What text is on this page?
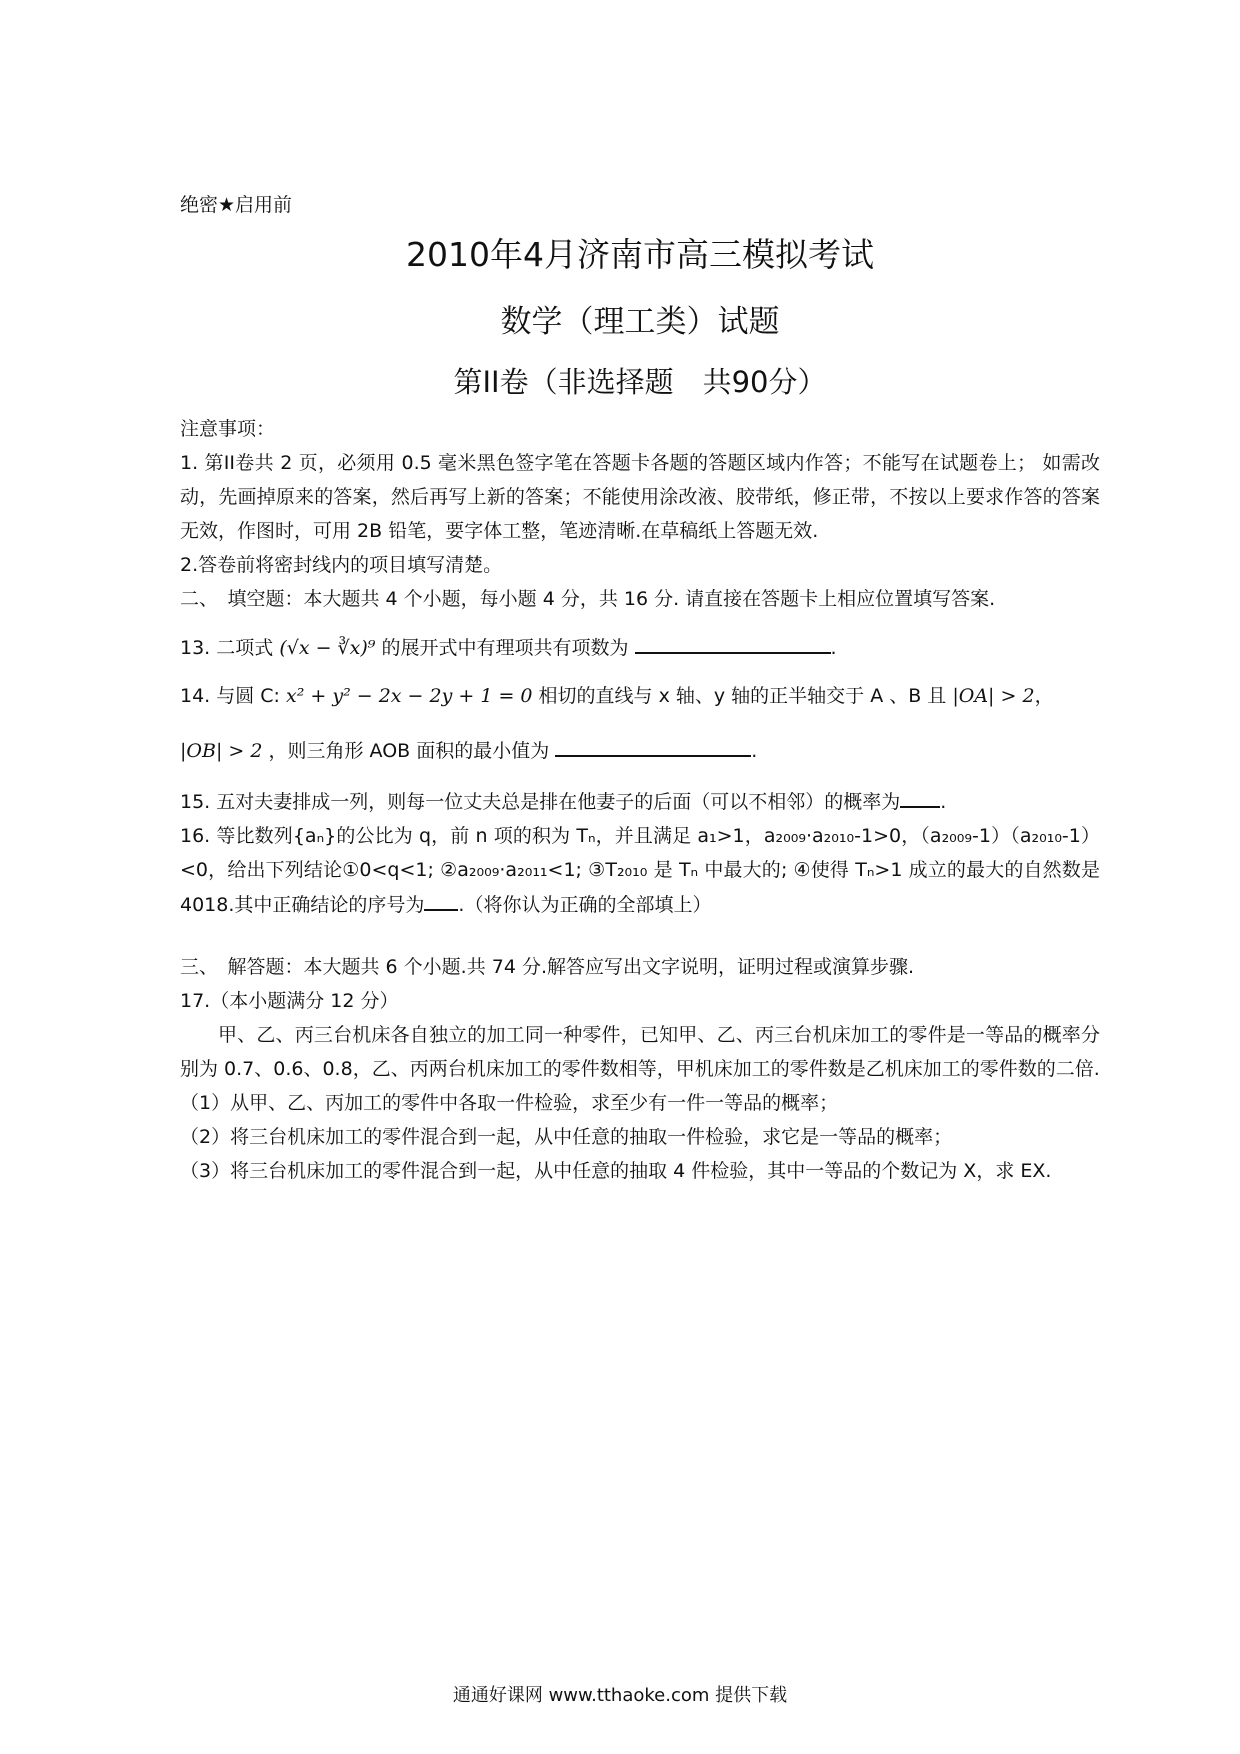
绝密★启用前

2010年4月济南市高三模拟考试

数学（理工类）试题

第II卷（非选择题　共90分）

注意事项：

1. 第II卷共 2 页，必须用 0.5 毫米黑色签字笔在答题卡各题的答题区域内作答；不能写在试题卷上； 如需改动，先画掉原来的答案，然后再写上新的答案；不能使用涂改液、胶带纸，修正带，不按以上要求作答的答案无效，作图时，可用 2B 铅笔，要字体工整，笔迹清晰.在草稿纸上答题无效.

2.答卷前将密封线内的项目填写清楚。

二、　填空题：本大题共 4 个小题，每小题 4 分，共 16 分. 请直接在答题卡上相应位置填写答案.

13. 二项式 (√x − ∛x)⁹ 的展开式中有理项共有项数为	.

14. 与圆 C: x² + y² − 2x − 2y + 1 = 0 相切的直线与 x 轴、y 轴的正半轴交于 A 、B 且 |OA| > 2，

|OB| > 2 ，则三角形 AOB 面积的最小值为	.

15. 五对夫妻排成一列，则每一位丈夫总是排在他妻子的后面（可以不相邻）的概率为 .

16. 等比数列{aₙ}的公比为 q，前 n 项的积为 Tₙ，并且满足 a₁>1，a₂₀₀₉·a₂₀₁₀-1>0，（a₂₀₀₉-1）（a₂₀₁₀-1）<0，给出下列结论①0<q<1; ②a₂₀₀₉·a₂₀₁₁<1; ③T₂₀₁₀ 是 Tₙ 中最大的; ④使得 Tₙ>1 成立的最大的自然数是 4018.其中正确结论的序号为 .（将你认为正确的全部填上）

三、　解答题：本大题共 6 个小题.共 74 分.解答应写出文字说明，证明过程或演算步骤.

17.（本小题满分 12 分）

甲、乙、丙三台机床各自独立的加工同一种零件，已知甲、乙、丙三台机床加工的零件是一等品的概率分别为 0.7、0.6、0.8，乙、丙两台机床加工的零件数相等，甲机床加工的零件数是乙机床加工的零件数的二倍.

（1）从甲、乙、丙加工的零件中各取一件检验，求至少有一件一等品的概率；

（2）将三台机床加工的零件混合到一起，从中任意的抽取一件检验，求它是一等品的概率；

（3）将三台机床加工的零件混合到一起，从中任意的抽取 4 件检验，其中一等品的个数记为 X，求 EX.

通通好课网 www.tthaoke.com 提供下载
